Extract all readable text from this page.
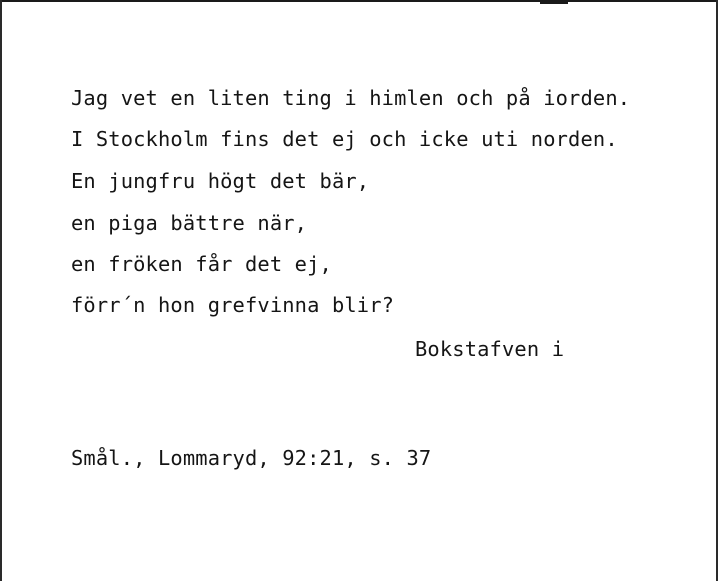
Jag vet en liten ting i himlen och på iorden.
I Stockholm fins det ej och icke uti norden.
En jungfru högt det bär,
en piga bättre när,
en fröken får det ej,
förr´n hon grefvinna blir?
Bokstafven i
Smål., Lommaryd, 92:21, s. 37
